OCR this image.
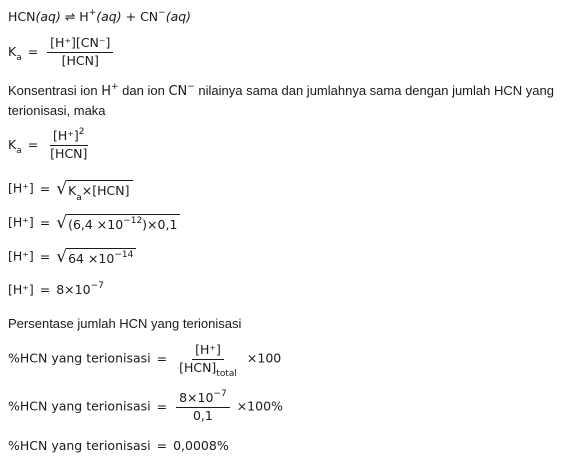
HCN(aq) ⇌ H+(aq) + CN−(aq)
$K_a = \frac{[H^+][CN^-]}{\text{[HCN]}}$
Konsentrasi ion H+ dan ion CN− nilainya sama dan jumlahnya sama dengan jumlah HCN yang
terionisasi, maka
$K_a = \frac{[H^+]^2}{\text{[HCN]}}$
[H⁺] = √ $K_a\times[HCN]$
[H⁺] = √ $(6,4 \times 10^{-12})\times 0,1$
[H⁺] = √ $64 \times 10^{-14}$
$[H^+] = 8\times 10^{-7}$
Persentase jumlah HCN yang terionisasi
%HCN yang terionisasi = $\frac{[H^+]}{[HCN]_{total}} \times 100$
%HCN yang terionisasi = $\frac{8\times 10^{-7}}{0,1} \times 100\%$
%HCN yang terionisasi = 0,0008%
